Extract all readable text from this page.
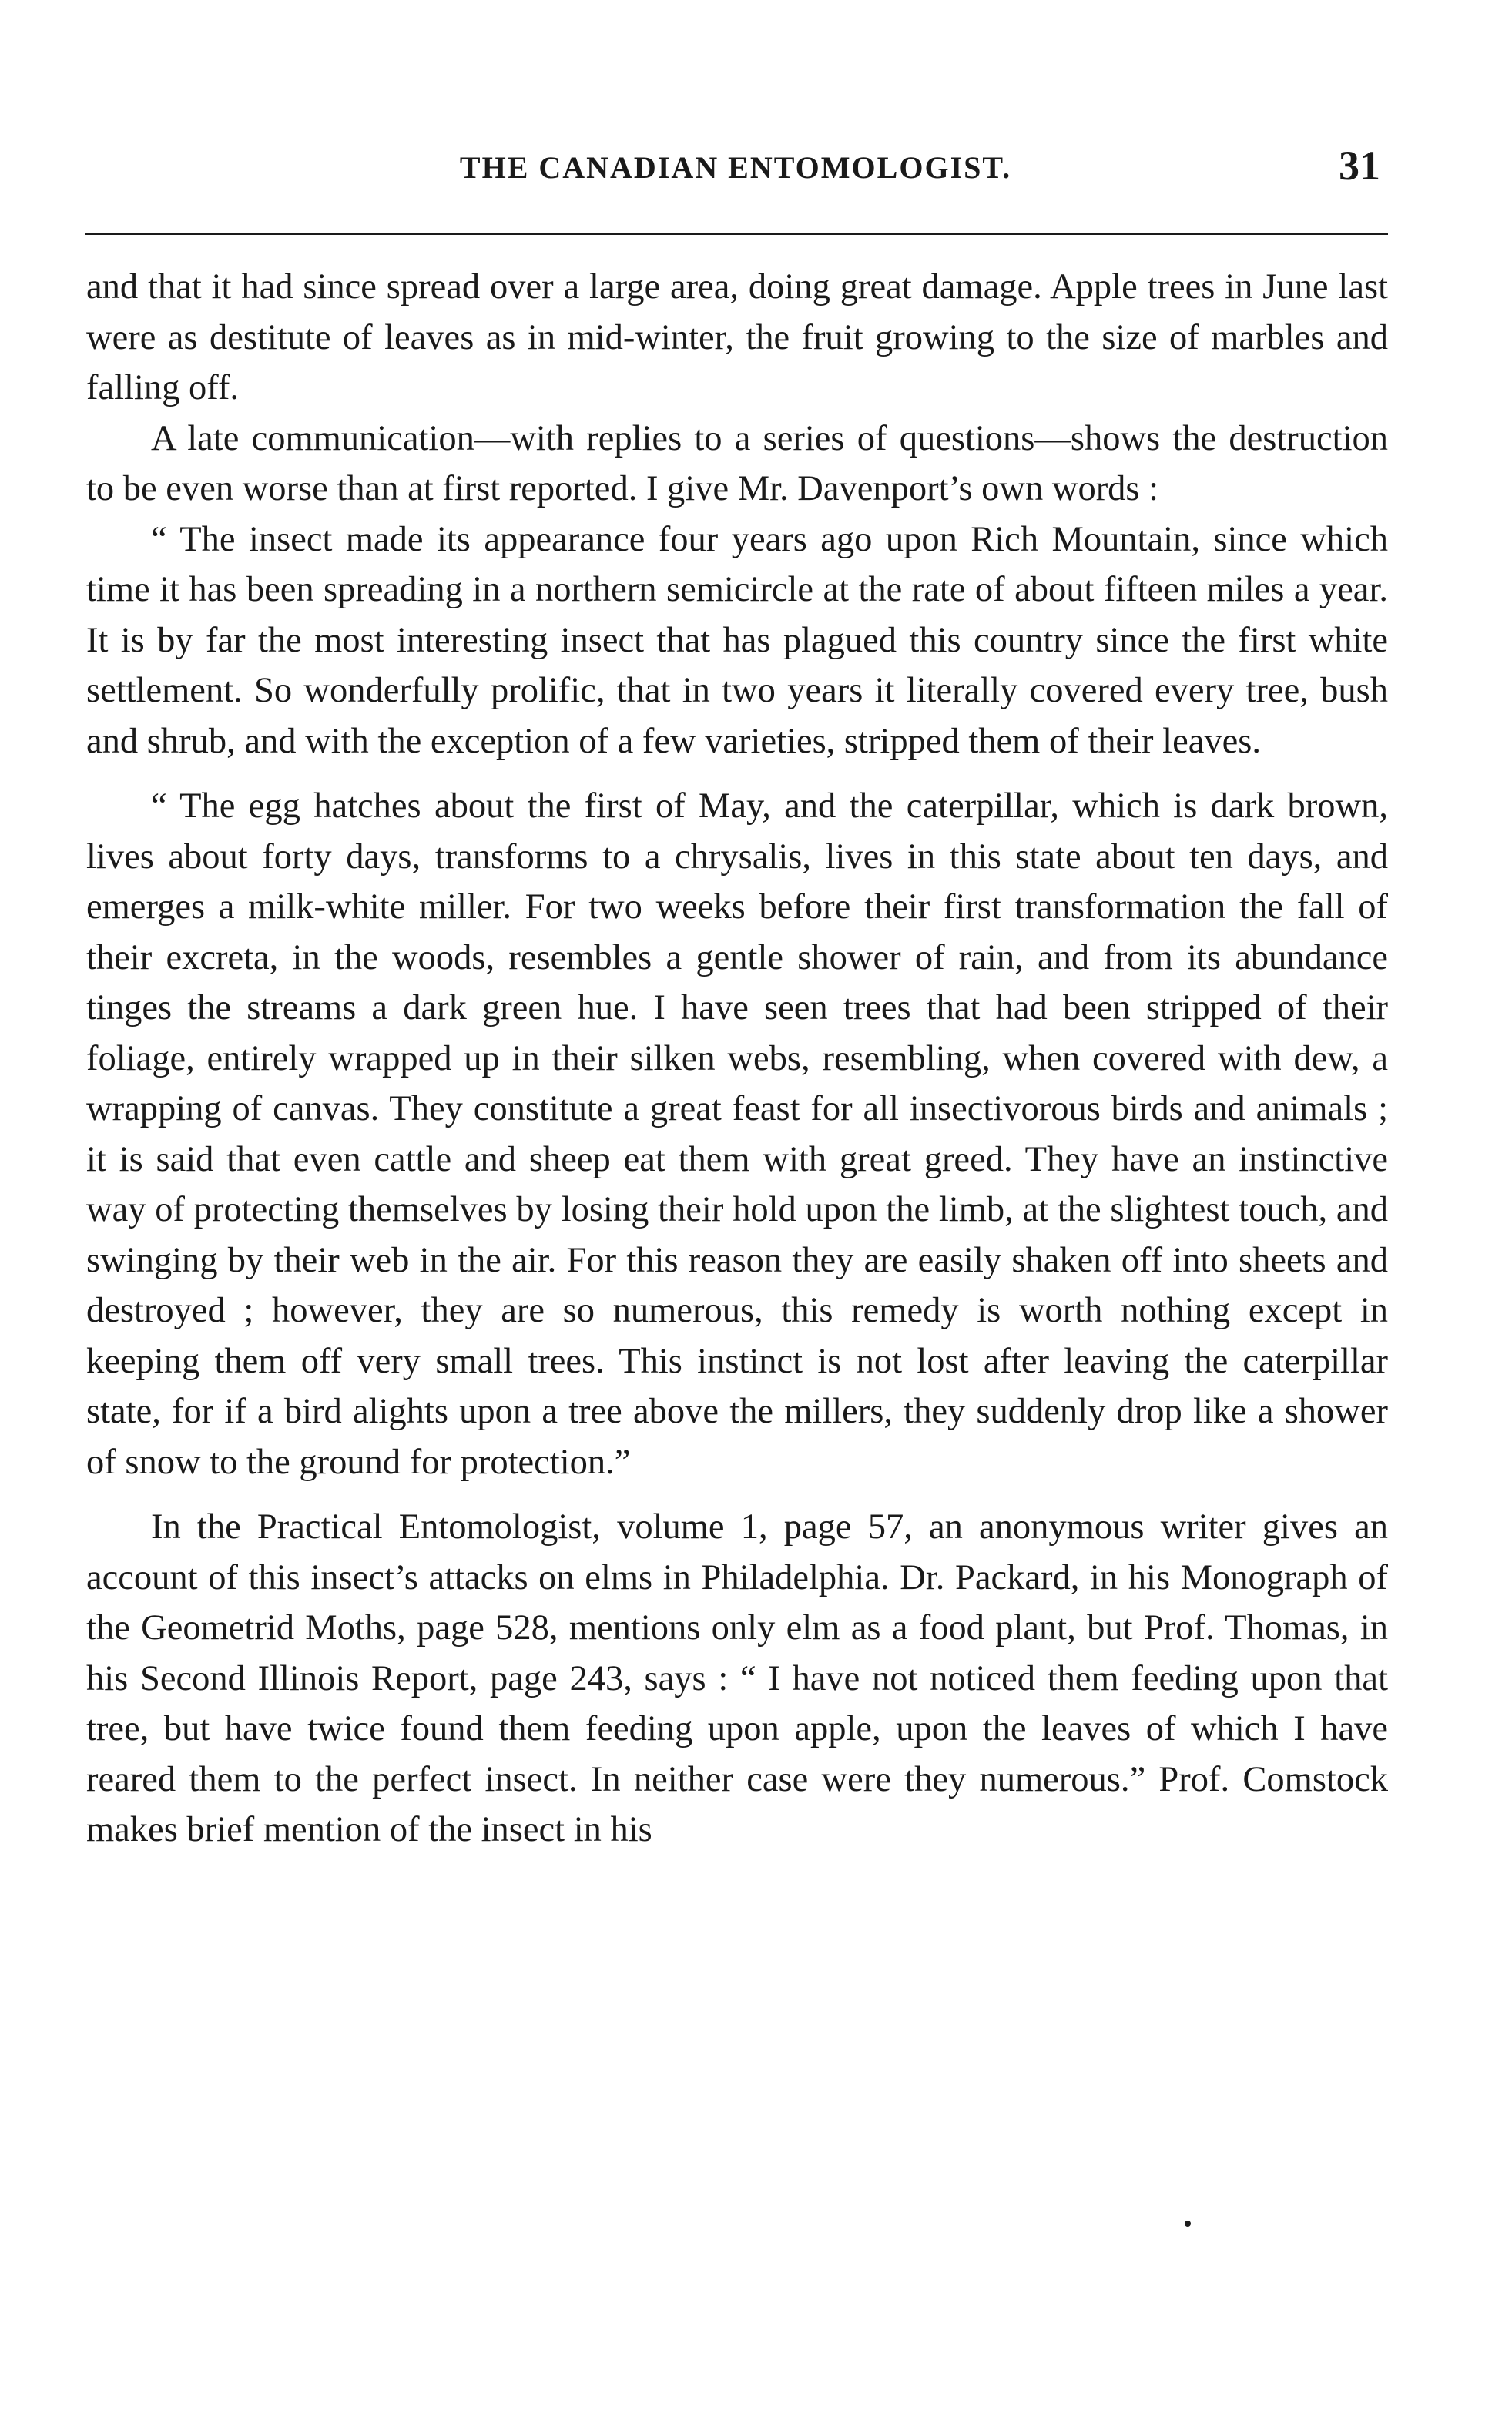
THE CANADIAN ENTOMOLOGIST.	31

and that it had since spread over a large area, doing great damage. Apple trees in June last were as destitute of leaves as in mid-winter, the fruit growing to the size of marbles and falling off.

A late communication—with replies to a series of questions—shows the destruction to be even worse than at first reported. I give Mr. Davenport’s own words :

“ The insect made its appearance four years ago upon Rich Mountain, since which time it has been spreading in a northern semicircle at the rate of about fifteen miles a year. It is by far the most interesting insect that has plagued this country since the first white settlement. So wonderfully prolific, that in two years it literally covered every tree, bush and shrub, and with the exception of a few varieties, stripped them of their leaves.

“ The egg hatches about the first of May, and the caterpillar, which is dark brown, lives about forty days, transforms to a chrysalis, lives in this state about ten days, and emerges a milk-white miller. For two weeks before their first transformation the fall of their excreta, in the woods, resembles a gentle shower of rain, and from its abundance tinges the streams a dark green hue. I have seen trees that had been stripped of their foliage, entirely wrapped up in their silken webs, resembling, when covered with dew, a wrapping of canvas. They constitute a great feast for all insectivorous birds and animals ; it is said that even cattle and sheep eat them with great greed. They have an instinctive way of protecting themselves by losing their hold upon the limb, at the slightest touch, and swinging by their web in the air. For this reason they are easily shaken off into sheets and destroyed ; however, they are so numerous, this remedy is worth nothing except in keeping them off very small trees. This instinct is not lost after leaving the caterpillar state, for if a bird alights upon a tree above the millers, they suddenly drop like a shower of snow to the ground for protection.”

In the Practical Entomologist, volume 1, page 57, an anonymous writer gives an account of this insect’s attacks on elms in Philadelphia. Dr. Packard, in his Monograph of the Geometrid Moths, page 528, mentions only elm as a food plant, but Prof. Thomas, in his Second Illinois Report, page 243, says : “ I have not noticed them feeding upon that tree, but have twice found them feeding upon apple, upon the leaves of which I have reared them to the perfect insect. In neither case were they numerous.” Prof. Comstock makes brief mention of the insect in his
